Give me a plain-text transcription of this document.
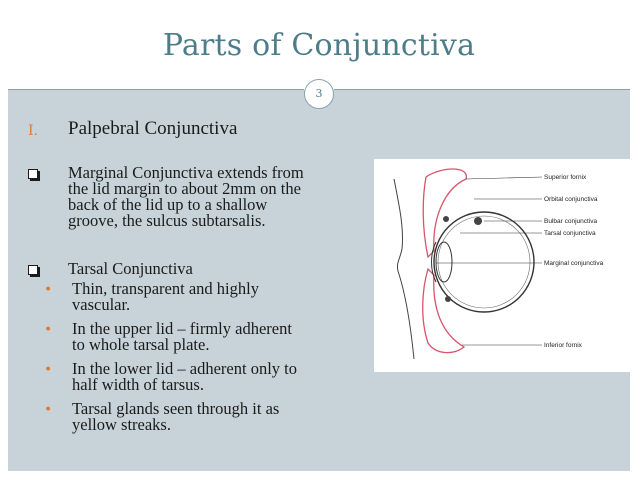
Parts of Conjunctiva
3
I. Palpebral Conjunctiva
Marginal Conjunctiva extends from
the lid margin to about 2mm on the
back of the lid up to a shallow
groove, the sulcus subtarsalis.
Tarsal Conjunctiva
• Thin, transparent and highly
vascular.
• In the upper lid – firmly adherent
to whole tarsal plate.
• In the lower lid – adherent only to
half width of tarsus.
• Tarsal glands seen through it as
yellow streaks.
Superior fornix
Orbital conjunctiva
Bulbar conjunctiva
Tarsal conjunctiva
Marginal conjunctiva
Inferior fornix
